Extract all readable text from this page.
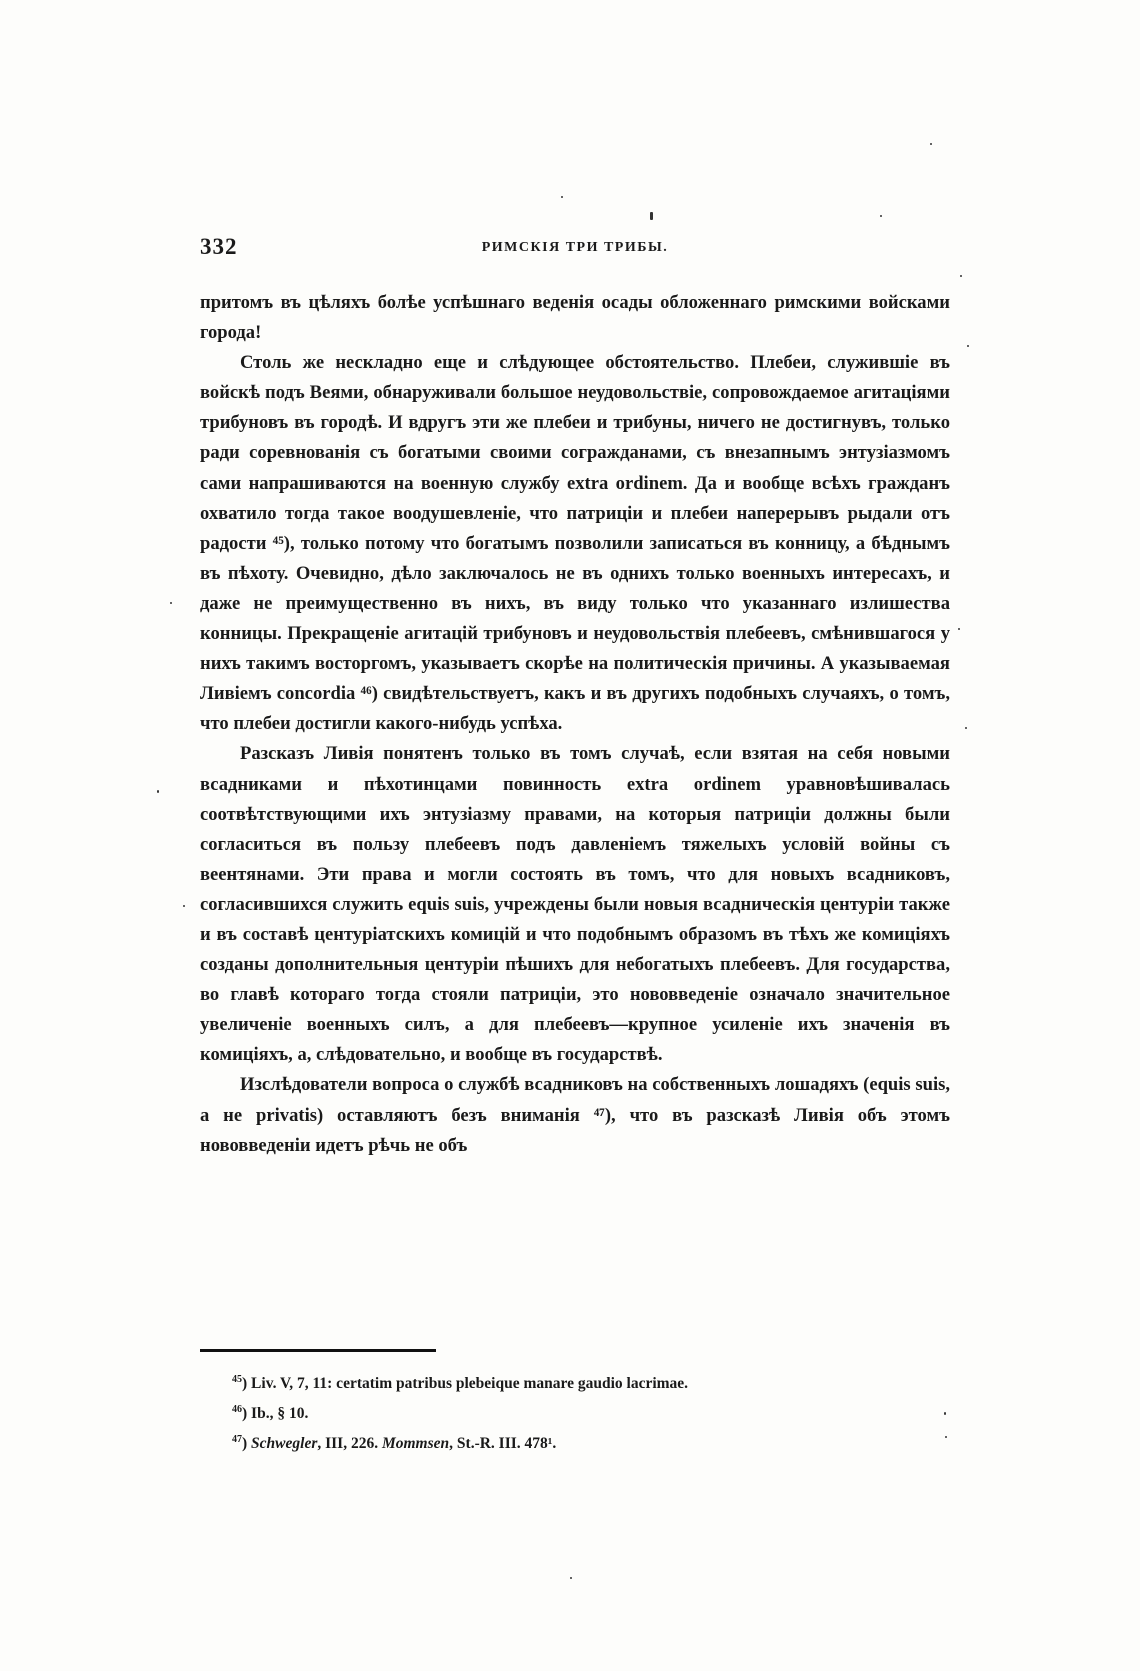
332	РИМСКІЯ ТРИ ТРИБЫ.

притомъ въ цѣляхъ болѣе успѣшнаго веденія осады обложеннаго римскими войсками города!

Столь же нескладно еще и слѣдующее обстоятельство. Плебеи, служившіе въ войскѣ подъ Веями, обнаруживали большое неудовольствіе, сопровождаемое агитаціями трибуновъ въ городѣ. И вдругъ эти же плебеи и трибуны, ничего не достигнувъ, только ради соревнованія съ богатыми своими согражданами, съ внезапнымъ энтузіазмомъ сами напрашиваются на военную службу extra ordinem. Да и вообще всѣхъ гражданъ охватило тогда такое воодушевленіе, что патриціи и плебеи наперерывъ рыдали отъ радости ⁴⁵), только потому что богатымъ позволили записаться въ конницу, а бѣднымъ въ пѣхоту. Очевидно, дѣло заключалось не въ однихъ только военныхъ интересахъ, и даже не преимущественно въ нихъ, въ виду только что указаннаго излишества конницы. Прекращеніе агитацій трибуновъ и неудовольствія плебеевъ, смѣнившагося у нихъ такимъ восторгомъ, указываетъ скорѣе на политическія причины. А указываемая Ливіемъ concordia ⁴⁶) свидѣтельствуетъ, какъ и въ другихъ подобныхъ случаяхъ, о томъ, что плебеи достигли какого-нибудь успѣха.

Разсказъ Ливія понятенъ только въ томъ случаѣ, если взятая на себя новыми всадниками и пѣхотинцами повинность extra ordinem уравновѣшивалась соотвѣтствующими ихъ энтузіазму правами, на которыя патриціи должны были согласиться въ пользу плебеевъ подъ давленіемъ тяжелыхъ условій войны съ веентянами. Эти права и могли состоять въ томъ, что для новыхъ всадниковъ, согласившихся служить equis suis, учреждены были новыя всадническія центуріи также и въ составѣ центуріатскихъ комицій и что подобнымъ образомъ въ тѣхъ же комиціяхъ созданы дополнительныя центуріи пѣшихъ для небогатыхъ плебеевъ. Для государства, во главѣ котораго тогда стояли патриціи, это нововведеніе означало значительное увеличеніе военныхъ силъ, а для плебеевъ—крупное усиленіе ихъ значенія въ комиціяхъ, а, слѣдовательно, и вообще въ государствѣ.

Изслѣдователи вопроса о службѣ всадниковъ на собственныхъ лошадяхъ (equis suis, а не privatis) оставляютъ безъ вниманія ⁴⁷), что въ разсказѣ Ливія объ этомъ нововведеніи идетъ рѣчь не объ

$^{45}$) Liv. V, 7, 11: certatim patribus plebeique manare gaudio lacrimae.
$^{46}$) Ib., § 10.
$^{47}$) Schwegler, III, 226. Mommsen, St.-R. III. 478¹.
